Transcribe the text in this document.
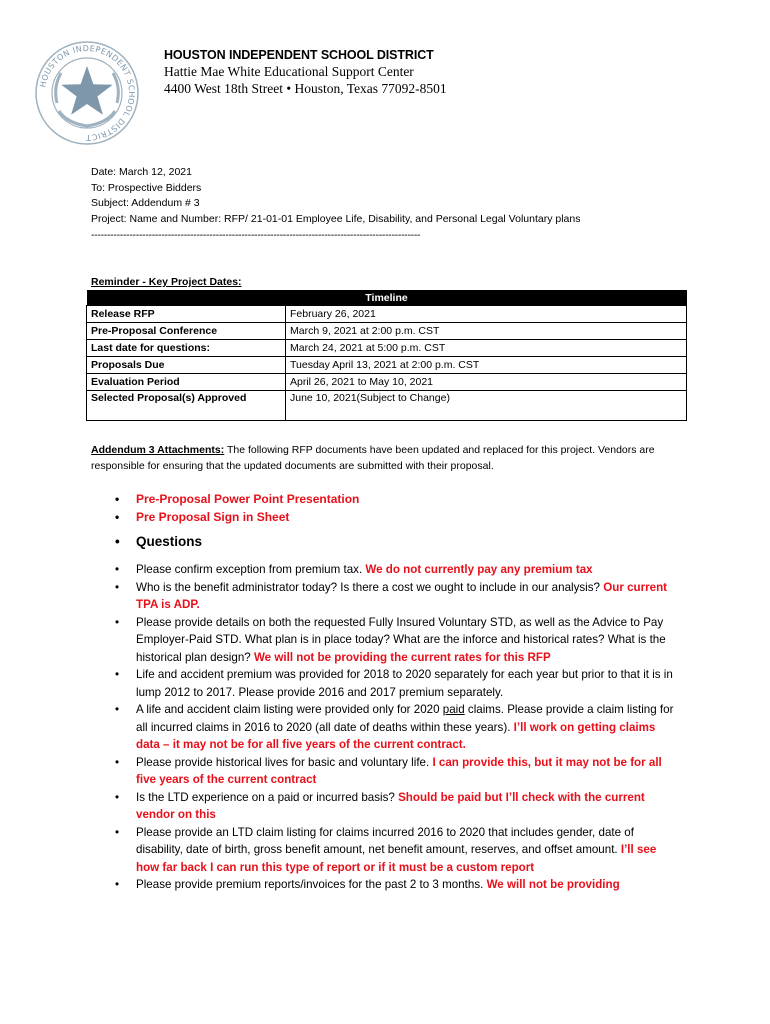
HOUSTON INDEPENDENT SCHOOL DISTRICT
HOUSTON INDEPENDENT SCHOOL DISTRICT
Hattie Mae White Educational Support Center
4400 West 18th Street • Houston, Texas 77092-8501
Date: March 12, 2021
To: Prospective Bidders
Subject: Addendum # 3
Project: Name and Number: RFP/ 21-01-01 Employee Life, Disability, and Personal Legal Voluntary plans
-------------------------------------------------------------------------------------------------------
Reminder - Key Project Dates:
Timeline	
Release RFP	February 26, 2021
Pre-Proposal Conference	March 9, 2021 at 2:00 p.m. CST
Last date for questions:	March 24, 2021 at 5:00 p.m. CST
Proposals Due	Tuesday April 13, 2021 at 2:00 p.m. CST
Evaluation Period	April 26, 2021 to May 10, 2021
Selected Proposal(s) Approved	June 10, 2021(Subject to Change)
Addendum 3 Attachments: The following RFP documents have been updated and replaced for this project. Vendors are responsible for ensuring that the updated documents are submitted with their proposal.
• Pre-Proposal Power Point Presentation
• Pre Proposal Sign in Sheet
• Questions
• Please confirm exception from premium tax. We do not currently pay any premium tax
• Who is the benefit administrator today? Is there a cost we ought to include in our analysis? Our current TPA is ADP.
• Please provide details on both the requested Fully Insured Voluntary STD, as well as the Advice to Pay Employer-Paid STD. What plan is in place today? What are the inforce and historical rates? What is the historical plan design? We will not be providing the current rates for this RFP
• Life and accident premium was provided for 2018 to 2020 separately for each year but prior to that it is in lump 2012 to 2017. Please provide 2016 and 2017 premium separately.
• A life and accident claim listing were provided only for 2020 paid claims. Please provide a claim listing for all incurred claims in 2016 to 2020 (all date of deaths within these years). I’ll work on getting claims data – it may not be for all five years of the current contract.
• Please provide historical lives for basic and voluntary life. I can provide this, but it may not be for all five years of the current contract
• Is the LTD experience on a paid or incurred basis? Should be paid but I’ll check with the current vendor on this
• Please provide an LTD claim listing for claims incurred 2016 to 2020 that includes gender, date of disability, date of birth, gross benefit amount, net benefit amount, reserves, and offset amount. I’ll see how far back I can run this type of report or if it must be a custom report
• Please provide premium reports/invoices for the past 2 to 3 months. We will not be providing
